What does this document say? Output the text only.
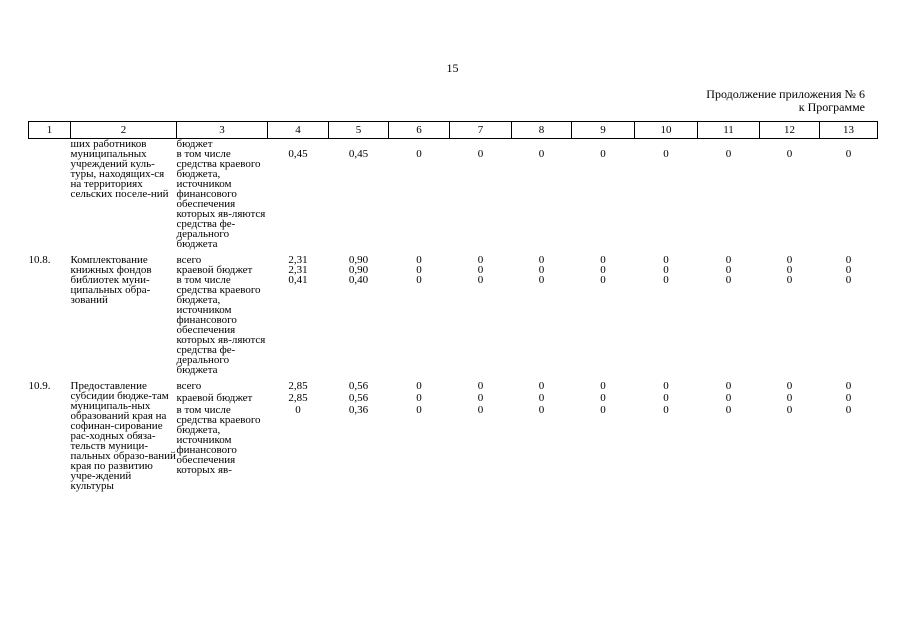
15
Продолжение приложения № 6
к Программе
1	2	3	4	5	6	7	8	9	10	11	12	13
	ших работников муниципальных учреждений куль-туры, находящих-ся на территориях сельских поселе-ний	бюджет										
		в том числе средства краевого бюджета, источником финансового обеспечения которых яв-ляются средства фе-дерального бюджета	0,45	0,45	0	0	0	0	0	0	0	0
10.8.	Комплектование книжных фондов библиотек муни-ципальных обра-зований	всего	2,31	0,90	0	0	0	0	0	0	0	0
		краевой бюджет	2,31	0,90	0	0	0	0	0	0	0	0
		в том числе средства краевого бюджета, источником финансового обеспечения которых яв-ляются средства фе-дерального бюджета	0,41	0,40	0	0	0	0	0	0	0	0
10.9.	Предоставление субсидии бюдже-там муниципаль-ных образований края на софинан-сирование рас-ходных обяза-тельств муници-пальных образо-ваний края по развитию учре-ждений культуры	всего	2,85	0,56	0	0	0	0	0	0	0	0
		краевой бюджет	2,85	0,56	0	0	0	0	0	0	0	0
		в том числе средства краевого бюджета, источником финансового обеспечения которых яв-	0	0,36	0	0	0	0	0	0	0	0
